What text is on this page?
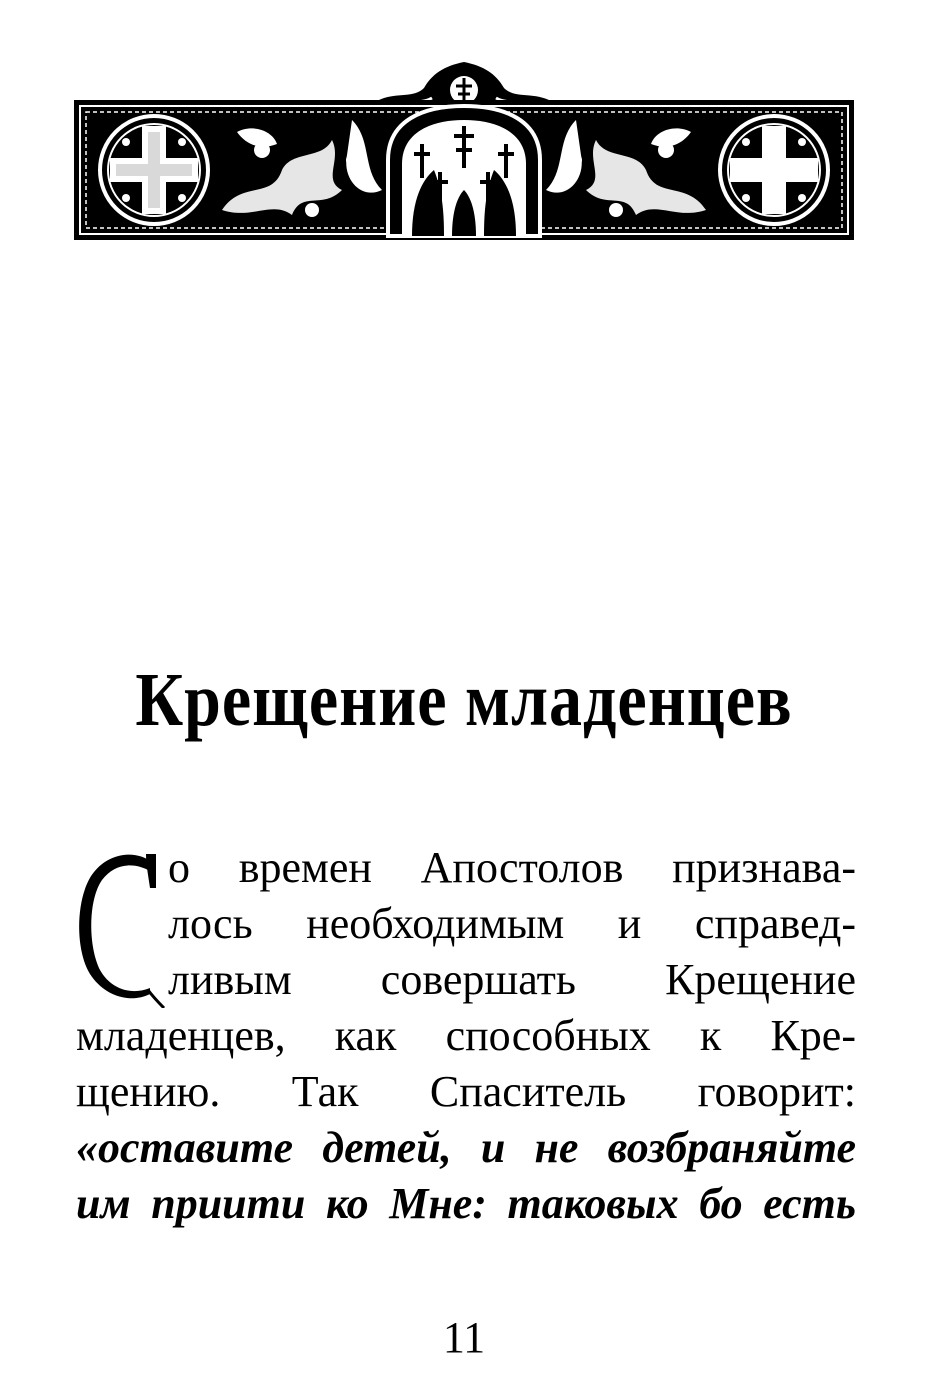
Крещение младенцев
о времен Апостолов признава-
лось необходимым и справед-
ливым совершать Крещение
младенцев, как способных к Кре-
щению. Так Спаситель говорит:
«оставите детей, и не возбраняйте
им приити ко Мне: таковых бо есть
11
